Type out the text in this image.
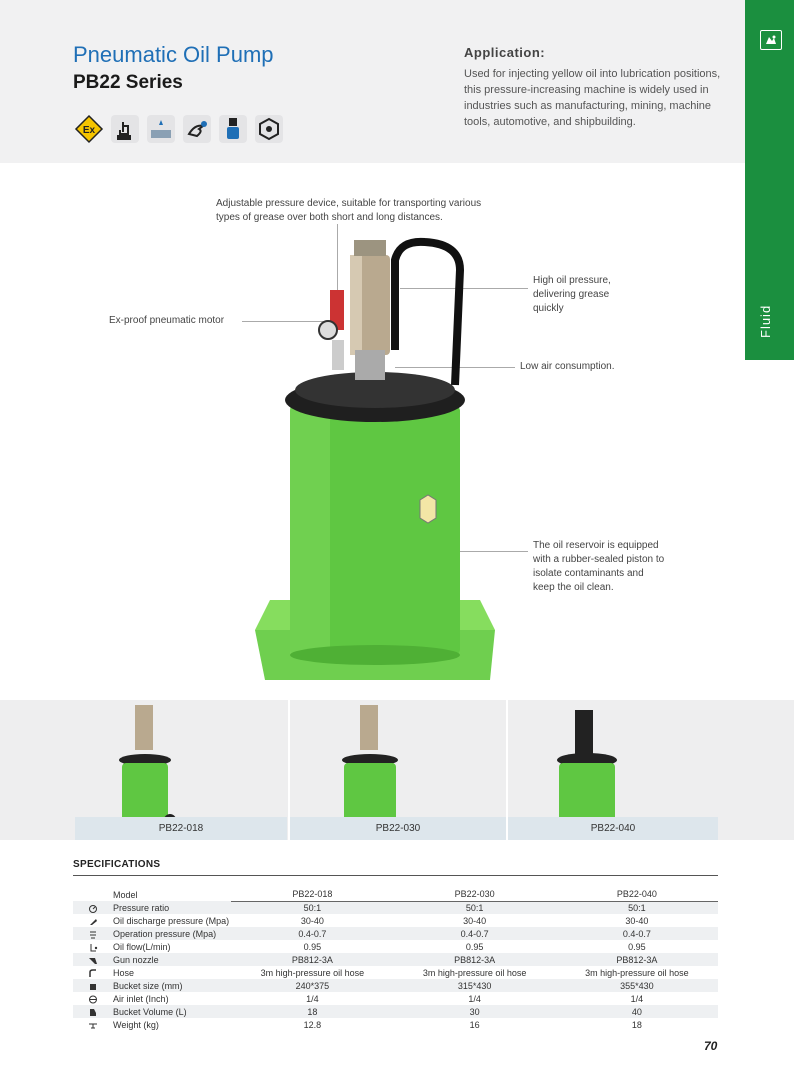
Fluid
Pneumatic Oil Pump
PB22 Series
Ex
Application:

Used for injecting yellow oil into lubrication positions, this pressure-increasing machine is widely used in industries such as manufacturing, mining, machine tools, automotive, and shipbuilding.

Adjustable pressure device, suitable for transporting various types of grease over both short and long distances.
High oil pressure, delivering grease quickly
Ex-proof pneumatic motor
Low air consumption.
The oil reservoir is equipped with a rubber-sealed piston to isolate contaminants and keep the oil clean.
PB22-018	PB22-030	PB22-040
SPECIFICATIONS
	Model	PB22-018	PB22-030	PB22-040
	Pressure ratio	50:1	50:1	50:1
	Oil discharge pressure (Mpa)	30-40	30-40	30-40
	Operation pressure (Mpa)	0.4-0.7	0.4-0.7	0.4-0.7
	Oil flow(L/min)	0.95	0.95	0.95
	Gun nozzle	PB812-3A	PB812-3A	PB812-3A
	Hose	3m high-pressure oil hose	3m high-pressure oil hose	3m high-pressure oil hose
	Bucket size (mm)	240*375	315*430	355*430
	Air inlet (Inch)	1/4	1/4	1/4
	Bucket Volume (L)	18	30	40
	Weight (kg)	12.8	16	18
70
